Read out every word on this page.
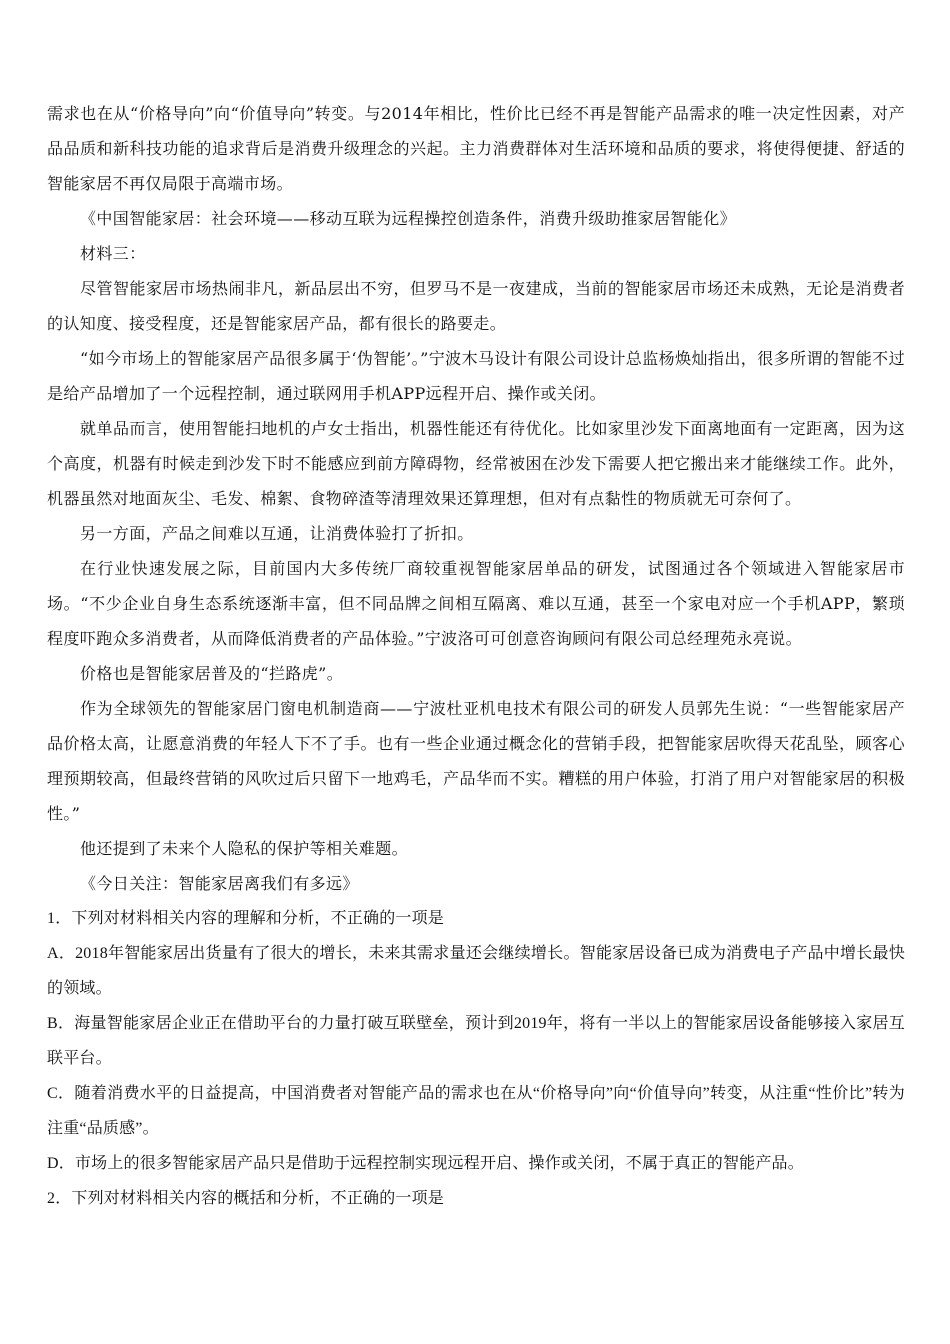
需求也在从“价格导向”向“价值导向”转变。与2014年相比，性价比已经不再是智能产品需求的唯一决定性因素，对产品品质和新科技功能的追求背后是消费升级理念的兴起。主力消费群体对生活环境和品质的要求，将使得便捷、舒适的智能家居不再仅局限于高端市场。

《中国智能家居：社会环境——移动互联为远程操控创造条件，消费升级助推家居智能化》

材料三：

尽管智能家居市场热闹非凡，新品层出不穷，但罗马不是一夜建成，当前的智能家居市场还未成熟，无论是消费者的认知度、接受程度，还是智能家居产品，都有很长的路要走。

“如今市场上的智能家居产品很多属于‘伪智能’。”宁波木马设计有限公司设计总监杨焕灿指出，很多所谓的智能不过是给产品增加了一个远程控制，通过联网用手机APP远程开启、操作或关闭。

就单品而言，使用智能扫地机的卢女士指出，机器性能还有待优化。比如家里沙发下面离地面有一定距离，因为这个高度，机器有时候走到沙发下时不能感应到前方障碍物，经常被困在沙发下需要人把它搬出来才能继续工作。此外，机器虽然对地面灰尘、毛发、棉絮、食物碎渣等清理效果还算理想，但对有点黏性的物质就无可奈何了。

另一方面，产品之间难以互通，让消费体验打了折扣。

在行业快速发展之际，目前国内大多传统厂商较重视智能家居单品的研发，试图通过各个领域进入智能家居市场。“不少企业自身生态系统逐渐丰富，但不同品牌之间相互隔离、难以互通，甚至一个家电对应一个手机APP，繁琐程度吓跑众多消费者，从而降低消费者的产品体验。”宁波洛可可创意咨询顾问有限公司总经理苑永亮说。

价格也是智能家居普及的“拦路虎”。

作为全球领先的智能家居门窗电机制造商——宁波杜亚机电技术有限公司的研发人员郭先生说：“一些智能家居产品价格太高，让愿意消费的年轻人下不了手。也有一些企业通过概念化的营销手段，把智能家居吹得天花乱坠，顾客心理预期较高，但最终营销的风吹过后只留下一地鸡毛，产品华而不实。糟糕的用户体验，打消了用户对智能家居的积极性。”

他还提到了未来个人隐私的保护等相关难题。

《今日关注：智能家居离我们有多远》

1．下列对材料相关内容的理解和分析，不正确的一项是

A．2018年智能家居出货量有了很大的增长，未来其需求量还会继续增长。智能家居设备已成为消费电子产品中增长最快的领域。

B．海量智能家居企业正在借助平台的力量打破互联壁垒，预计到2019年，将有一半以上的智能家居设备能够接入家居互联平台。

C．随着消费水平的日益提高，中国消费者对智能产品的需求也在从“价格导向”向“价值导向”转变，从注重“性价比”转为注重“品质感”。

D．市场上的很多智能家居产品只是借助于远程控制实现远程开启、操作或关闭，不属于真正的智能产品。

2．下列对材料相关内容的概括和分析，不正确的一项是
